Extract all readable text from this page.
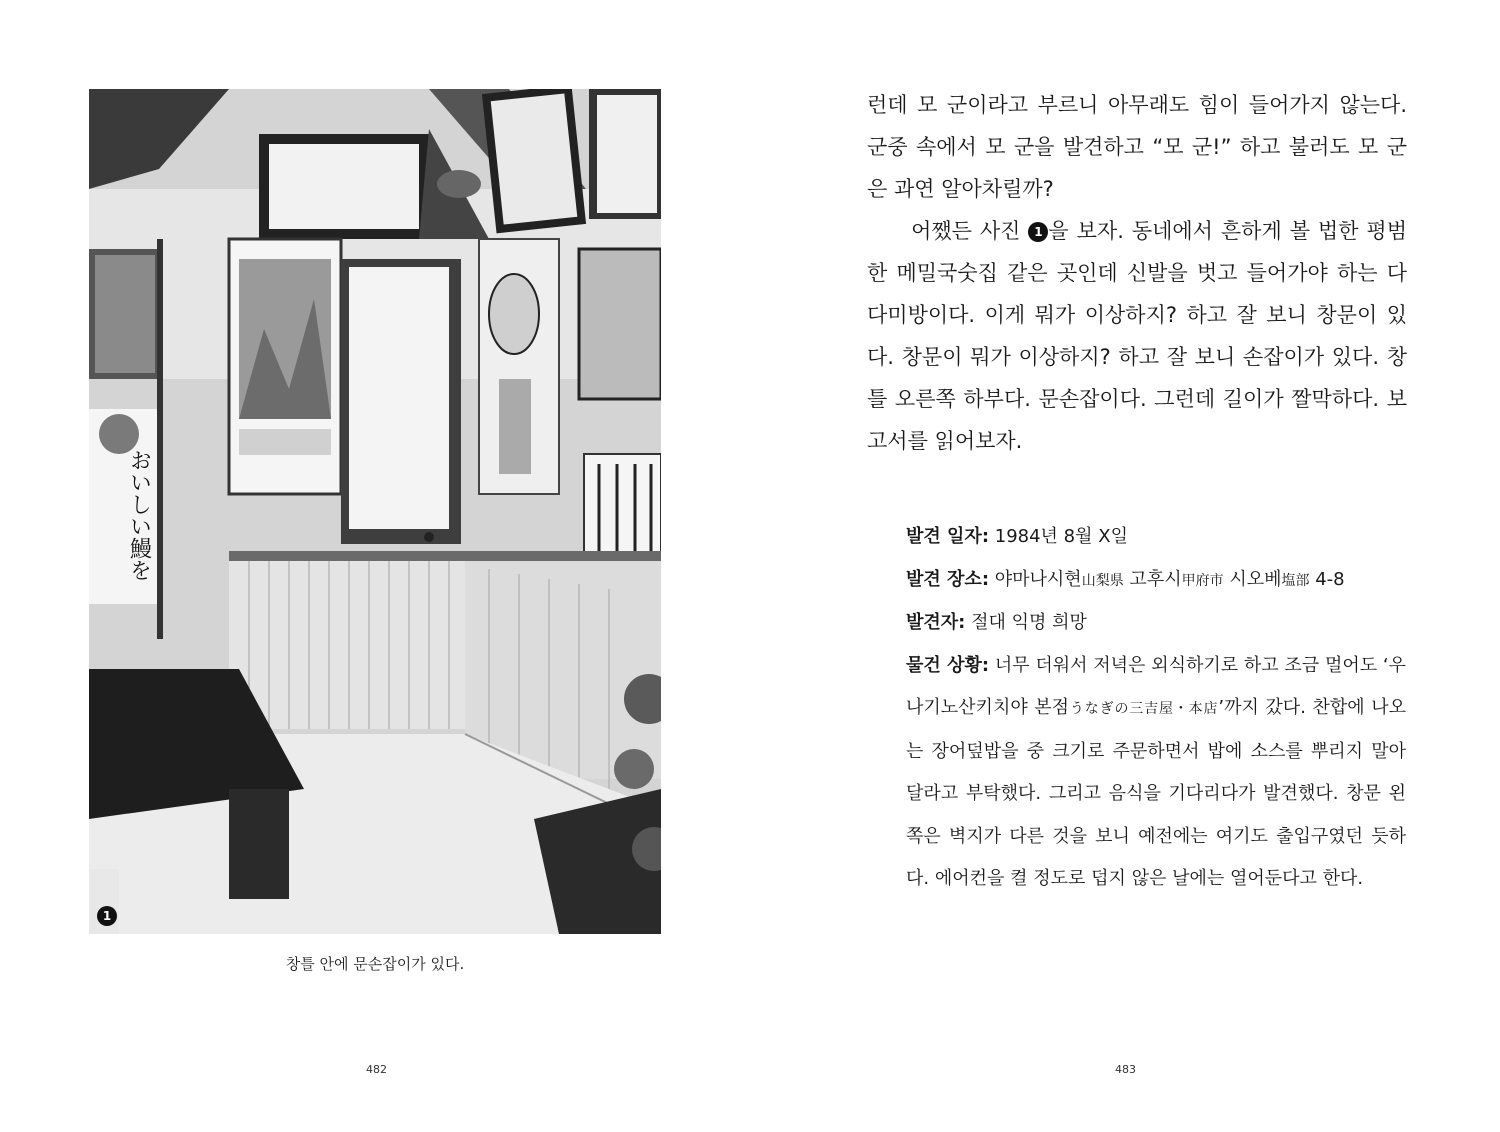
おいしい鰻を
1
창틀 안에 문손잡이가 있다.
482

런데 모 군이라고 부르니 아무래도 힘이 들어가지 않는다. 군중 속에서 모 군을 발견하고 “모 군!” 하고 불러도 모 군은 과연 알아차릴까?

어쨌든 사진 1 을 보자. 동네에서 흔하게 볼 법한 평범한 메밀국숫집 같은 곳인데 신발을 벗고 들어가야 하는 다다미방이다. 이게 뭐가 이상하지? 하고 잘 보니 창문이 있다. 창문이 뭐가 이상하지? 하고 잘 보니 손잡이가 있다. 창틀 오른쪽 하부다. 문손잡이다. 그런데 길이가 짤막하다. 보고서를 읽어보자.

발견 일자: 1984년 8월 X일

발견 장소: 야마나시현山梨県 고후시甲府市 시오베塩部 4-8

발견자: 절대 익명 희망

물건 상황: 너무 더워서 저녁은 외식하기로 하고 조금 멀어도 ‘우나기노산키치야 본점うなぎの三吉屋・本店’까지 갔다. 찬합에 나오는 장어덮밥을 중 크기로 주문하면서 밥에 소스를 뿌리지 말아 달라고 부탁했다. 그리고 음식을 기다리다가 발견했다. 창문 왼쪽은 벽지가 다른 것을 보니 예전에는 여기도 출입구였던 듯하다. 에어컨을 켤 정도로 덥지 않은 날에는 열어둔다고 한다.

483
